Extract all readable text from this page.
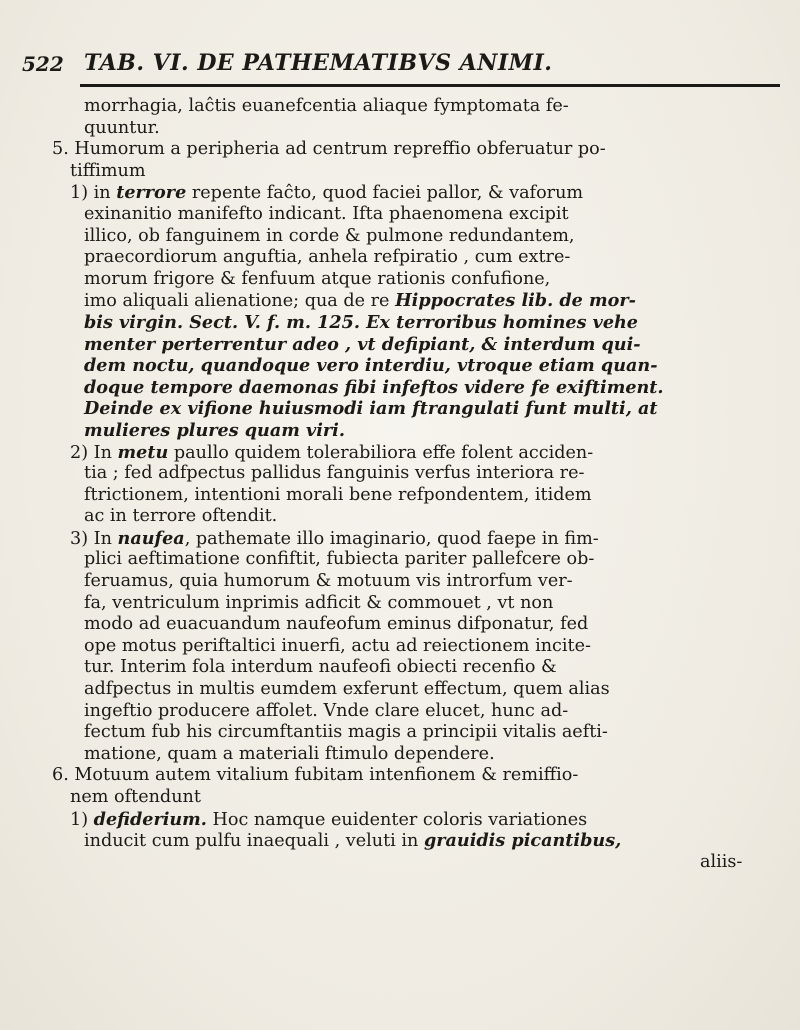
522 TAB. VI. DE PATHEMATIBVS ANIMI.
morrhagia, laĉtis euanefcentia aliaque fymptomata fe-
quuntur.
5. Humorum a peripheria ad centrum repreffio obferuatur po-
tiffimum
1) in terrore repente faĉto, quod faciei pallor, & vaforum
exinanitio manifefto indicant. Ifta phaenomena excipit
illico, ob fanguinem in corde & pulmone redundantem,
praecordiorum anguftia, anhela refpiratio , cum extre-
morum frigore & fenfuum atque rationis confufione,
imo aliquali alienatione; qua de re Hippocrates lib. de mor-
bis virgin. Sect. V. f. m. 125. Ex terroribus homines vehe
menter perterrentur adeo , vt defipiant, & interdum qui-
dem noctu, quandoque vero interdiu, vtroque etiam quan-
doque tempore daemonas fibi infeftos videre fe exiftiment.
Deinde ex vifione huiusmodi iam ftrangulati funt multi, at
mulieres plures quam viri.
2) In metu paullo quidem tolerabiliora effe folent acciden-
tia ; fed adfpectus pallidus fanguinis verfus interiora re-
ftrictionem, intentioni morali bene refpondentem, itidem
ac in terrore oftendit.
3) In naufea, pathemate illo imaginario, quod faepe in fim-
plici aeftimatione confiftit, fubiecta pariter pallefcere ob-
feruamus, quia humorum & motuum vis introrfum ver-
fa, ventriculum inprimis adficit & commouet , vt non
modo ad euacuandum naufeofum eminus difponatur, fed
ope motus periftaltici inuerfi, actu ad reiectionem incite-
tur. Interim fola interdum naufeofi obiecti recenfio &
adfpectus in multis eumdem exferunt effectum, quem alias
ingeftio producere affolet. Vnde clare elucet, hunc ad-
fectum fub his circumftantiis magis a principii vitalis aefti-
matione, quam a materiali ftimulo dependere.
6. Motuum autem vitalium fubitam intenfionem & remiffio-
nem oftendunt
1) defiderium. Hoc namque euidenter coloris variationes
inducit cum pulfu inaequali , veluti in grauidis picantibus,
aliis-
